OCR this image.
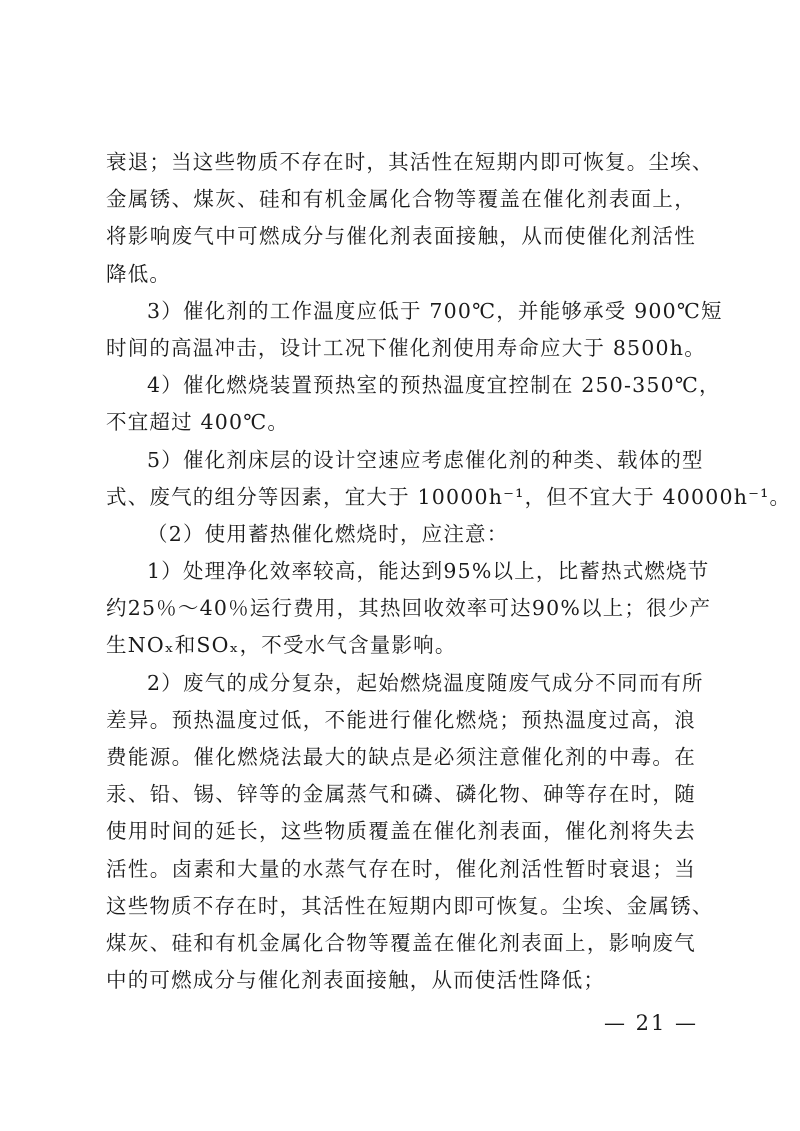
衰退；当这些物质不存在时，其活性在短期内即可恢复。尘埃、
金属锈、煤灰、硅和有机金属化合物等覆盖在催化剂表面上，
将影响废气中可燃成分与催化剂表面接触，从而使催化剂活性
降低。
3）催化剂的工作温度应低于 700℃，并能够承受 900℃短
时间的高温冲击，设计工况下催化剂使用寿命应大于 8500h。
4）催化燃烧装置预热室的预热温度宜控制在 250-350℃，
不宜超过 400℃。
5）催化剂床层的设计空速应考虑催化剂的种类、载体的型
式、废气的组分等因素，宜大于 10000h⁻¹，但不宜大于 40000h⁻¹。
（2）使用蓄热催化燃烧时，应注意：
1）处理净化效率较高，能达到95%以上，比蓄热式燃烧节
约25％～40％运行费用，其热回收效率可达90%以上；很少产
生NOₓ和SOₓ，不受水气含量影响。
2）废气的成分复杂，起始燃烧温度随废气成分不同而有所
差异。预热温度过低，不能进行催化燃烧；预热温度过高，浪
费能源。催化燃烧法最大的缺点是必须注意催化剂的中毒。在
汞、铅、锡、锌等的金属蒸气和磷、磷化物、砷等存在时，随
使用时间的延长，这些物质覆盖在催化剂表面，催化剂将失去
活性。卤素和大量的水蒸气存在时，催化剂活性暂时衰退；当
这些物质不存在时，其活性在短期内即可恢复。尘埃、金属锈、
煤灰、硅和有机金属化合物等覆盖在催化剂表面上，影响废气
中的可燃成分与催化剂表面接触，从而使活性降低；
— 21 —
